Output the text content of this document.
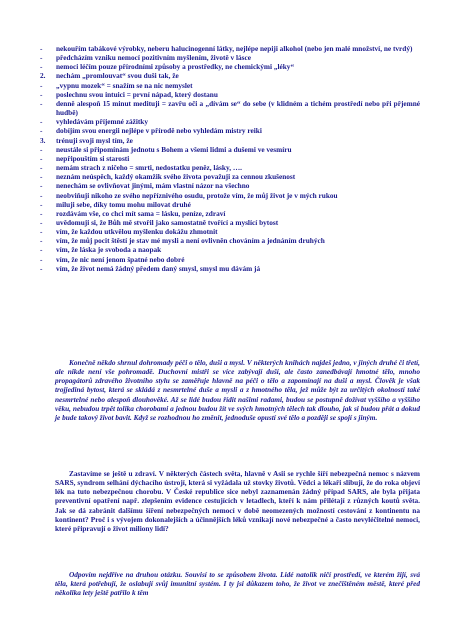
-	nekouřím tabákové výrobky, neberu halucinogenní látky, nejlépe nepiji alkohol (nebo jen malé množství, ne tvrdý)
-	předcházím vzniku nemocí pozitivním myšlením, životě v lásce
-	nemoci léčím pouze přírodními způsoby a prostředky, ne chemickými „léky“
2.	nechám „promlouvat“ svou duši tak, že
-	„vypnu mozek“ = snažím se na nic nemyslet
-	poslechnu svou intuici = první nápad, který dostanu
-	denně alespoň 15 minut medituji = zavřu oči a „dívám se“ do sebe (v klidném a tichém prostředí nebo při přjemné hudbě)
-	vyhledávám příjemné zážitky
-	dobíjím svou energii nejlépe v přírodě nebo vyhledám mistry reiki
3.	trénuji svoji mysl tím, že
-	neustále si připomínám jednotu s Bohem a všemi lidmi a dušemi ve vesmíru
-	nepřipouštím si starosti
-	nemám strach z ničeho = smrti, nedostatku peněz, lásky, ….
-	neznám neúspěch, každý okamžik svého života považuji za cennou zkušenost
-	nenechám se ovlivňovat jinými, mám vlastní názor na všechno
-	neobviňuji nikoho ze svého nepříznivého osudu, protože vím, že můj život je v mých rukou
-	miluji sebe, díky tomu mohu milovat druhé
-	rozdávám vše, co chci mít sama = lásku, peníze, zdraví
-	uvědomuji si, že Bůh mě stvořil jako samostatně tvořící a myslící bytost
-	vím, že každou utkvělou myšlenku dokážu zhmotnit
-	vím, že můj pocit štěstí je stav mé mysli a není ovlivněn chováním a jednáním druhých
-	vím, že láska je svoboda a naopak
-	vím, že nic není jenom špatné nebo dobré
-	vím, že život nemá žádný předem daný smysl, smysl mu dávám já

Konečně někdo shrnul dohromady péči o tělo, duši a mysl. V některých knihách najdeš jedno, v jiných druhé či třetí, ale nikde není vše pohromadě. Duchovní mistři se více zabývají duší, ale často zanedbávají hmotné tělo, mnoho propagátorů zdravého životního stylu se zaměřuje hlavně na péči o tělo a zapomínají na duši a mysl. Člověk je však trojjediná bytost, která se skládá z nesmrtelné duše a mysli a z hmotného těla, jež může být za určitých okolností také nesmrtelné nebo alespoň dlouhověké. Až se lidé budou řídit našimi radami, budou se postupně dožívat vyššího a vyššího věku, nebudou trpět tolika chorobami a jednou budou žít ve svých hmotných tělech tak dlouho, jak si budou přát a dokud je bude takový život bavit. Když se rozhodnou ho změnit, jednoduše opustí své tělo a později se spojí s jiným.

Zastavíme se ještě u zdraví. V některých částech světa, hlavně v Asii se rychle šíří nebezpečná nemoc s názvem SARS, syndrom selhání dýchacího ústrojí, která si vyžádala už stovky životů. Vědci a lékaři slibují, že do roka objeví lék na tuto nebezpečnou chorobu. V České republice sice nebyl zaznamenán žádný případ SARS, ale byla přijata preventivní opatření např. zlepšením evidence cestujících v letadlech, kteří k nám přilétají z různých koutů světa. Jak se dá zabránit dalšímu šíření nebezpečných nemocí v době neomezených možností cestování z kontinentu na kontinent? Proč i s vývojem dokonalejších a účinnějších léků vznikají nové nebezpečné a často nevyléčitelné nemoci, které připravují o život miliony lidí?

Odpovím nejdříve na druhou otázku. Souvisí to se způsobem života. Lidé natolik ničí prostředí, ve kterém žijí, svá těla, která potřebují, že oslabují svůj imunitní systém. I ty jsi důkazem toho, že život ve znečištěném městě, které před několika lety ještě patřilo k těm
